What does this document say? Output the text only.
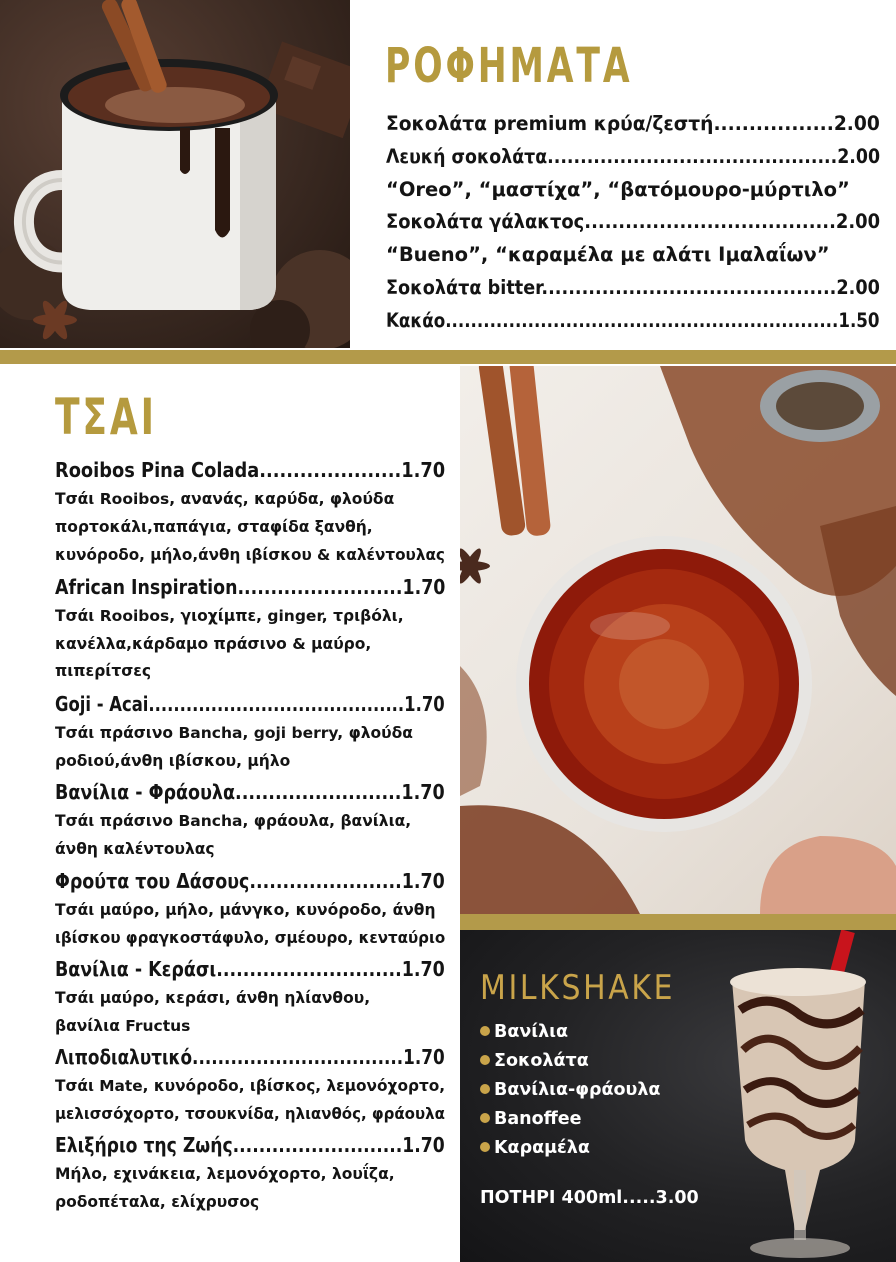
ΡΟΦΗΜΑΤΑ
Σοκολάτα premium κρύα/ζεστή.................2.00
Λευκή σοκολάτα............................................2.00
“Oreo”, “μαστίχα”, “βατόμουρο-μύρτιλο”
Σοκολάτα γάλακτος.....................................2.00
“Bueno”, “καραμέλα με αλάτι Ιμαλαΐων”
Σοκολάτα bitter............................................2.00
Κακάο..............................................................1.50
ΤΣΑΙ
Rooibos Pina Colada.....................1.70
Τσάι Rooibos, ανανάς, καρύδα, φλούδα
πορτοκάλι,παπάγια, σταφίδα ξανθή,
κυνόροδο, μήλο,άνθη ιβίσκου & καλέντουλας
African Inspiration.........................1.70
Τσάι Rooibos, γιοχίμπε, ginger, τριβόλι,
κανέλλα,κάρδαμο πράσινο & μαύρο,
πιπερίτσες
Goji - Acai.........................................1.70
Τσάι πράσινο Bancha, goji berry, φλούδα
ροδιού,άνθη ιβίσκου, μήλο
Βανίλια - Φράουλα.........................1.70
Τσάι πράσινο Bancha, φράουλα, βανίλια,
άνθη καλέντουλας
Φρούτα του Δάσους.......................1.70
Τσάι μαύρο, μήλο, μάνγκο, κυνόροδο, άνθη
ιβίσκου φραγκοστάφυλο, σμέουρο, κενταύριο
Βανίλια - Κεράσι............................1.70
Τσάι μαύρο, κεράσι, άνθη ηλίανθου,
βανίλια Fructus
Λιποδιαλυτικό.................................1.70
Τσάι Mate, κυνόροδο, ιβίσκος, λεμονόχορτο,
μελισσόχορτο, τσουκνίδα, ηλιανθός, φράουλα
Ελιξήριο της Ζωής..........................1.70
Μήλο, εχινάκεια, λεμονόχορτο, λουΐζα,
ροδοπέταλα, ελίχρυσος
MILKSHAKE
Βανίλια
Σοκολάτα
Βανίλια-φράουλα
Banoffee
Καραμέλα
ΠΟΤΗΡΙ 400ml.....3.00
